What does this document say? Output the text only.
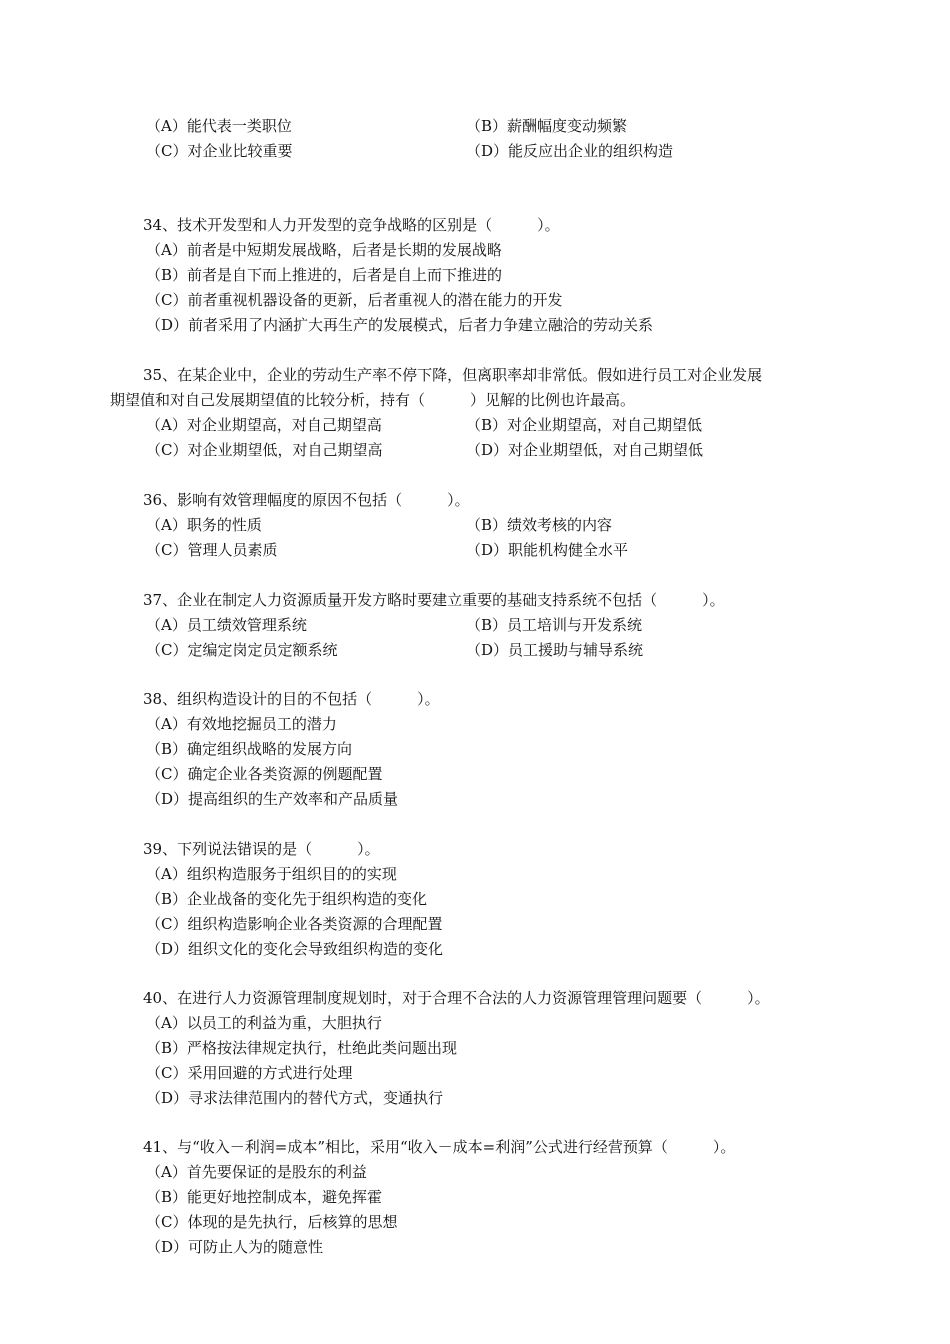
（A）能代表一类职位	（B）薪酬幅度变动频繁
（C）对企业比较重要	（D）能反应出企业的组织构造
34、技术开发型和人力开发型的竞争战略的区别是（　　　）。
（A）前者是中短期发展战略，后者是长期的发展战略
（B）前者是自下而上推进的，后者是自上而下推进的
（C）前者重视机器设备的更新，后者重视人的潜在能力的开发
（D）前者采用了内涵扩大再生产的发展模式，后者力争建立融洽的劳动关系
35、在某企业中，企业的劳动生产率不停下降，但离职率却非常低。假如进行员工对企业发展
期望值和对自己发展期望值的比较分析，持有（　　　）见解的比例也许最高。
（A）对企业期望高，对自己期望高	（B）对企业期望高，对自己期望低
（C）对企业期望低，对自己期望高	（D）对企业期望低，对自己期望低
36、影响有效管理幅度的原因不包括（　　　）。
（A）职务的性质	（B）绩效考核的内容
（C）管理人员素质	（D）职能机构健全水平
37、企业在制定人力资源质量开发方略时要建立重要的基础支持系统不包括（　　　）。
（A）员工绩效管理系统	（B）员工培训与开发系统
（C）定编定岗定员定额系统	（D）员工援助与辅导系统
38、组织构造设计的目的不包括（　　　）。
（A）有效地挖掘员工的潜力
（B）确定组织战略的发展方向
（C）确定企业各类资源的例题配置
（D）提高组织的生产效率和产品质量
39、下列说法错误的是（　　　）。
（A）组织构造服务于组织目的的实现
（B）企业战备的变化先于组织构造的变化
（C）组织构造影响企业各类资源的合理配置
（D）组织文化的变化会导致组织构造的变化
40、在进行人力资源管理制度规划时，对于合理不合法的人力资源管理管理问题要（　　　）。
（A）以员工的利益为重，大胆执行
（B）严格按法律规定执行，杜绝此类问题出现
（C）采用回避的方式进行处理
（D）寻求法律范围内的替代方式，变通执行
41、与“收入－利润=成本”相比，采用“收入－成本=利润”公式进行经营预算（　　　）。
（A）首先要保证的是股东的利益
（B）能更好地控制成本，避免挥霍
（C）体现的是先执行，后核算的思想
（D）可防止人为的随意性
